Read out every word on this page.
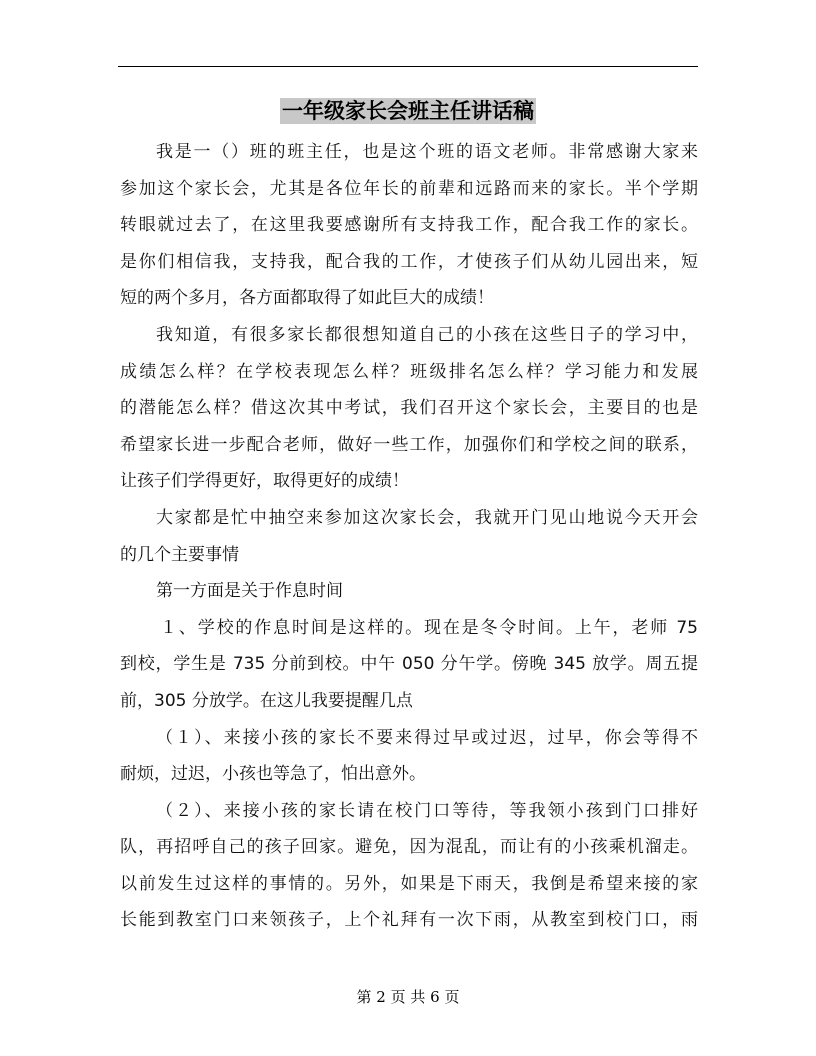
一年级家长会班主任讲话稿
我是一（）班的班主任，也是这个班的语文老师。非常感谢大家来
参加这个家长会，尤其是各位年长的前辈和远路而来的家长。半个学期
转眼就过去了，在这里我要感谢所有支持我工作，配合我工作的家长。
是你们相信我，支持我，配合我的工作，才使孩子们从幼儿园出来，短
短的两个多月，各方面都取得了如此巨大的成绩！
我知道，有很多家长都很想知道自己的小孩在这些日子的学习中，
成绩怎么样？在学校表现怎么样？班级排名怎么样？学习能力和发展
的潜能怎么样？借这次其中考试，我们召开这个家长会，主要目的也是
希望家长进一步配合老师，做好一些工作，加强你们和学校之间的联系，
让孩子们学得更好，取得更好的成绩！
大家都是忙中抽空来参加这次家长会，我就开门见山地说今天开会
的几个主要事情
第一方面是关于作息时间
１、学校的作息时间是这样的。现在是冬令时间。上午，老师 75
到校，学生是 735 分前到校。中午 050 分午学。傍晚 345 放学。周五提
前，305 分放学。在这儿我要提醒几点
（１）、来接小孩的家长不要来得过早或过迟，过早，你会等得不
耐烦，过迟，小孩也等急了，怕出意外。
（２）、来接小孩的家长请在校门口等待，等我领小孩到门口排好
队，再招呼自己的孩子回家。避免，因为混乱，而让有的小孩乘机溜走。
以前发生过这样的事情的。另外，如果是下雨天，我倒是希望来接的家
长能到教室门口来领孩子，上个礼拜有一次下雨，从教室到校门口，雨
第 2 页 共 6 页
